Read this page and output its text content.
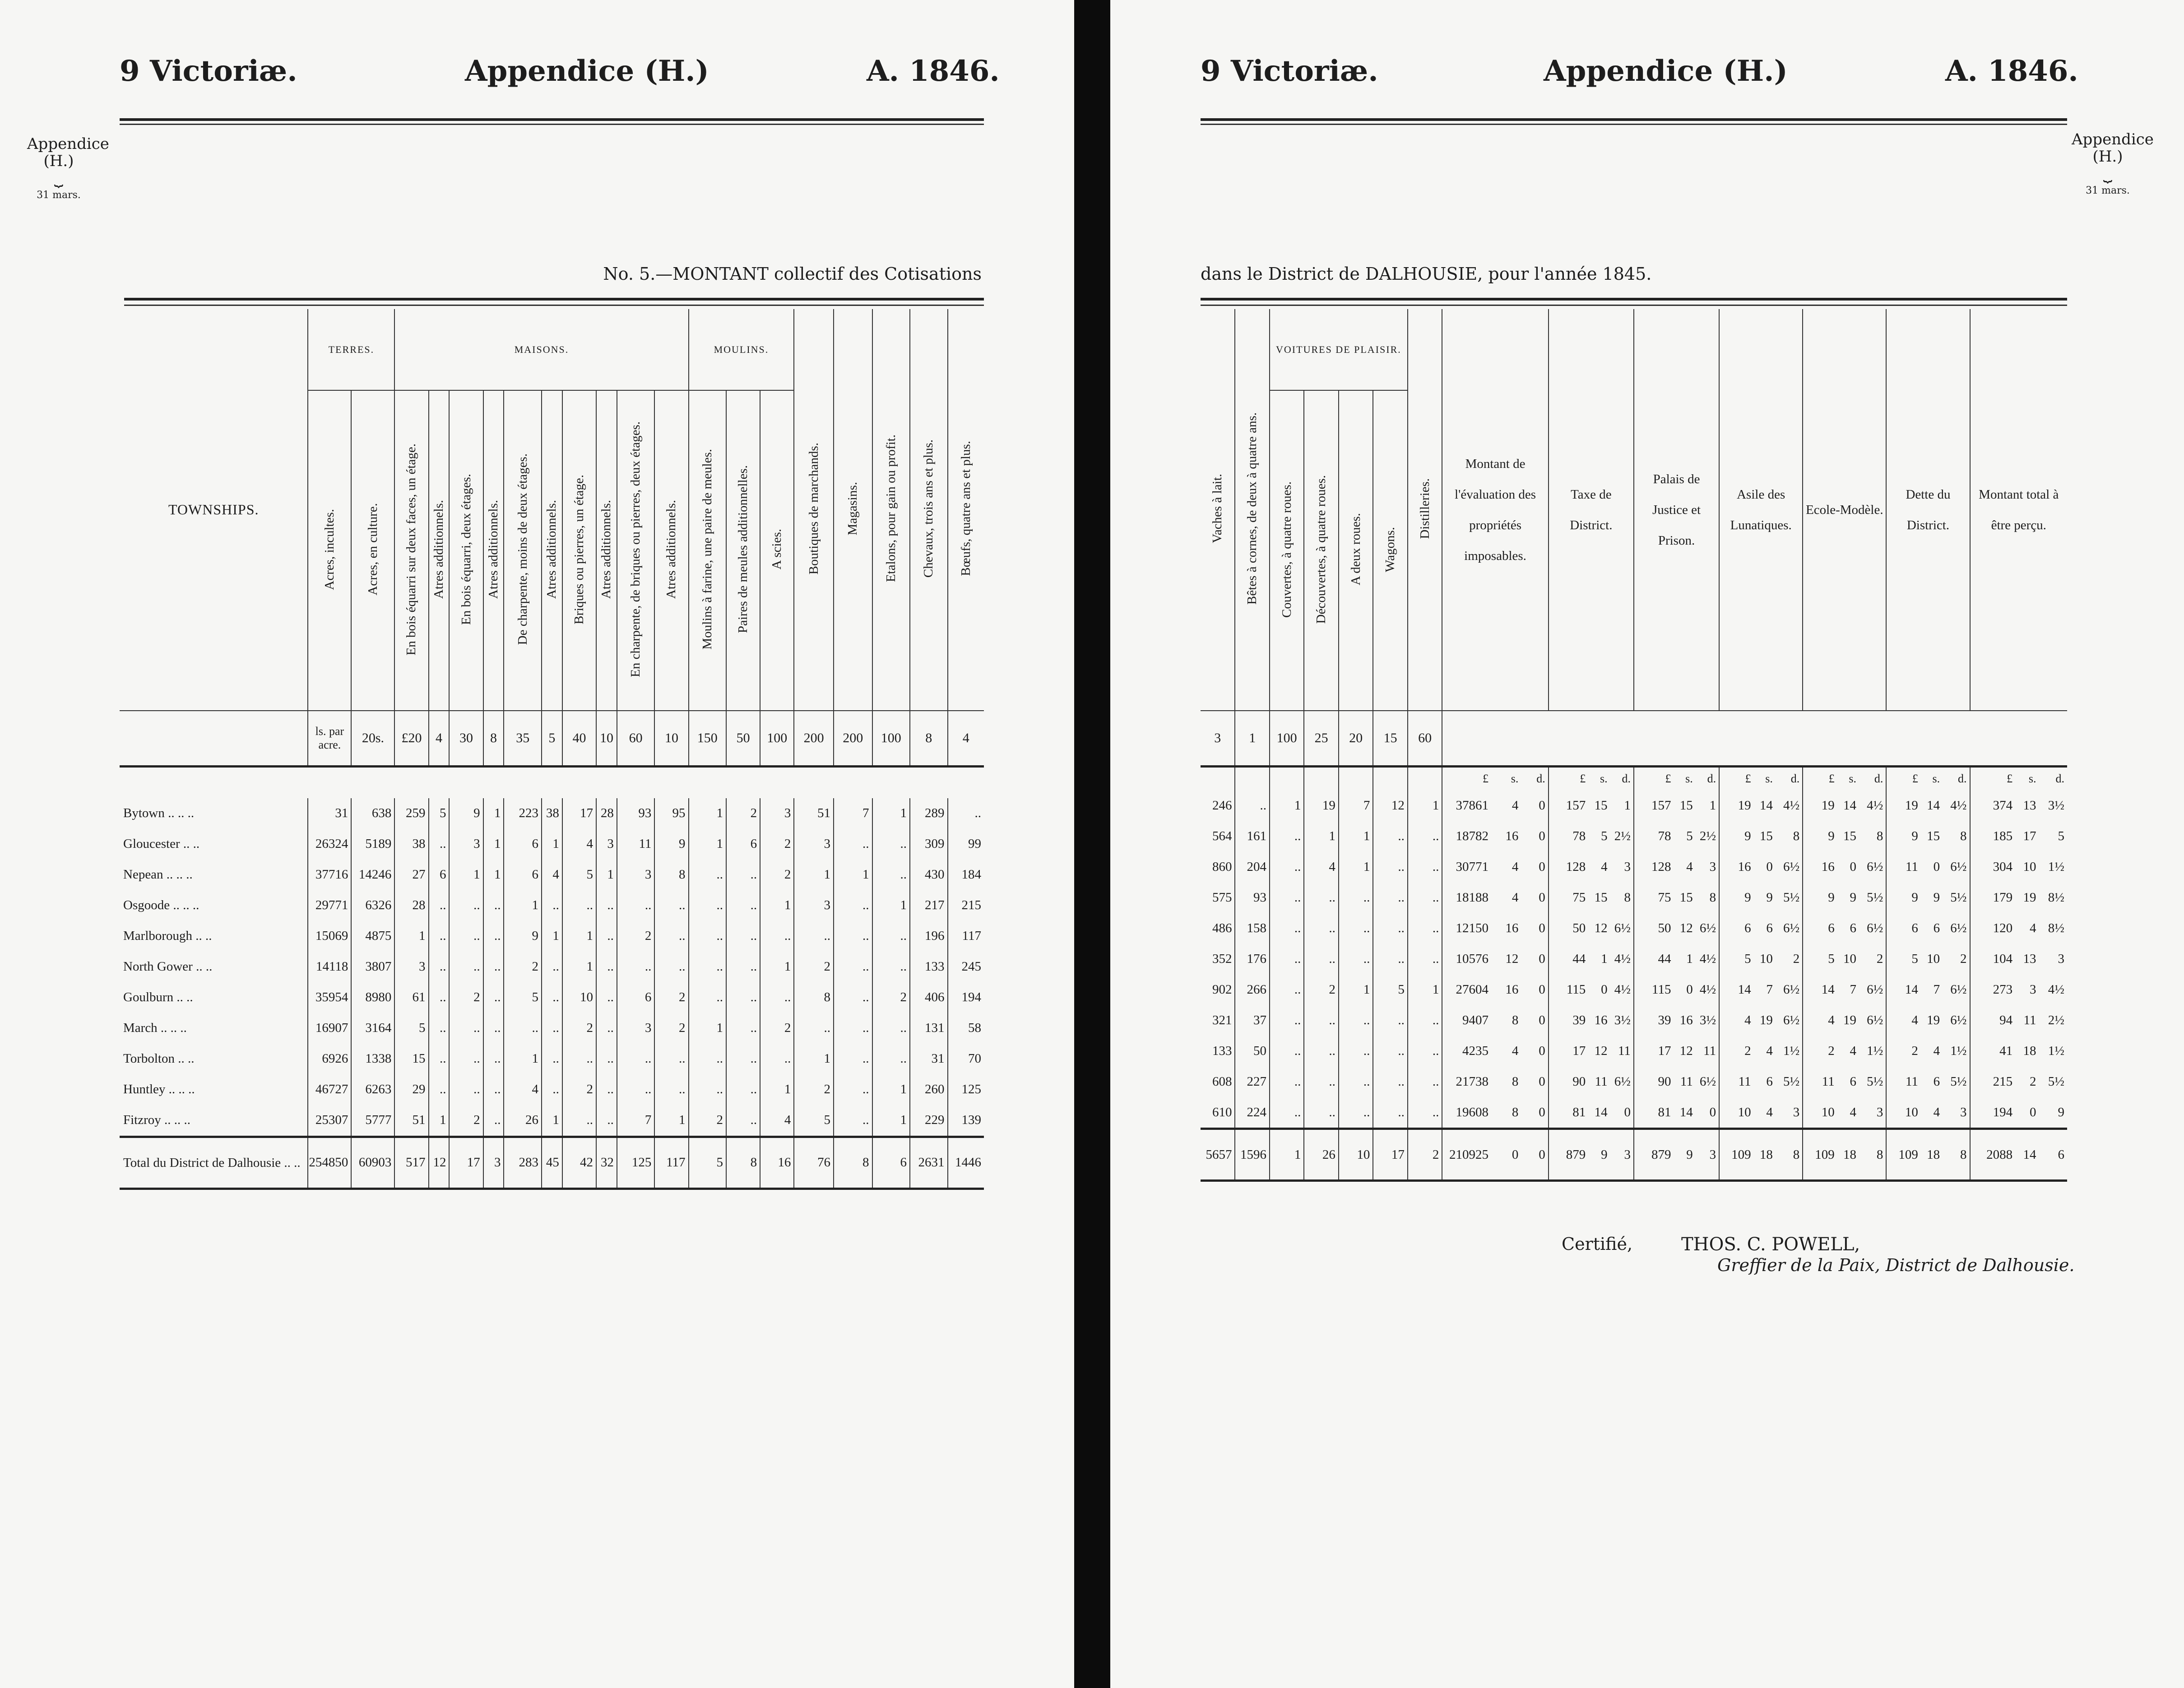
9 Victoriæ.	Appendice (H.)	A. 1846.
Appendice
(H.)
⏟
31 mars.
No. 5.—MONTANT collectif des Cotisations
TOWNSHIPS.	TERRES.		MAISONS.										MOULINS.			Boutiques de marchands.	Magasins.	Etalons, pour gain ou profit.	Chevaux, trois ans et plus.	Bœufs, quatre ans et plus.
	Acres, incultes.	Acres, en culture.	En bois équarri sur deux faces, un étage.	Atres additionnels.	En bois équarri, deux étages.	Atres additionnels.	De charpente, moins de deux étages.	Atres additionnels.	Briques ou pierres, un étage.	Atres additionnels.	En charpente, de briques ou pierres, deux étages.	Atres additionnels.	Moulins à farine, une paire de meules.	Paires de meules additionnelles.	A scies.					
	ls. par acre.	20s.	£20	4	30	8	35	5	40	10	60	10	150	50	100	200	200	100	8	4

Bytown .. .. ..	31	638	259	5	9	1	223	38	17	28	93	95	1	2	3	51	7	1	289	..
Gloucester .. ..	26324	5189	38	..	3	1	6	1	4	3	11	9	1	6	2	3	..	..	309	99
Nepean .. .. ..	37716	14246	27	6	1	1	6	4	5	1	3	8	..	..	2	1	1	..	430	184
Osgoode .. .. ..	29771	6326	28	..	..	..	1	..	..	..	..	..	..	..	1	3	..	1	217	215
Marlborough .. ..	15069	4875	1	..	..	..	9	1	1	..	2	..	..	..	..	..	..	..	196	117
North Gower .. ..	14118	3807	3	..	..	..	2	..	1	..	..	..	..	..	1	2	..	..	133	245
Goulburn .. ..	35954	8980	61	..	2	..	5	..	10	..	6	2	..	..	..	8	..	2	406	194
March .. .. ..	16907	3164	5	..	..	..	..	..	2	..	3	2	1	..	2	..	..	..	131	58
Torbolton .. ..	6926	1338	15	..	..	..	1	..	..	..	..	..	..	..	..	1	..	..	31	70
Huntley .. .. ..	46727	6263	29	..	..	..	4	..	2	..	..	..	..	..	1	2	..	1	260	125
Fitzroy .. .. ..	25307	5777	51	1	2	..	26	1	..	..	7	1	2	..	4	5	..	1	229	139
Total du District de Dalhousie .. ..	254850	60903	517	12	17	3	283	45	42	32	125	117	5	8	16	76	8	6	2631	1446
9 Victoriæ.	Appendice (H.)	A. 1846.
Appendice
(H.)
⏟
31 mars.
dans le District de DALHOUSIE, pour l'année 1845.
Vaches à lait.	Bêtes à cornes, de deux à quatre ans.	VOITURES DE PLAISIR.				Distilleries.	Montant de l'évaluation des propriétés imposables.			Taxe de District.			Palais de Justice et Prison.			Asile des Lunatiques.			Ecole-Modèle.			Dette du District.			Montant total à être perçu.		

		Couvertes, à quatre roues.	Découvertes, à quatre roues.	A deux roues.	Wagons.																						
3	1	100	25	20	15	60																					
							£	s.	d.	£	s.	d.	£	s.	d.	£	s.	d.	£	s.	d.	£	s.	d.	£	s.	d.
246	..	1	19	7	12	1	37861	4	0	157	15	1	157	15	1	19	14	4½	19	14	4½	19	14	4½	374	13	3½
564	161	..	1	1	..	..	18782	16	0	78	5	2½	78	5	2½	9	15	8	9	15	8	9	15	8	185	17	5
860	204	..	4	1	..	..	30771	4	0	128	4	3	128	4	3	16	0	6½	16	0	6½	11	0	6½	304	10	1½
575	93	..	..	..	..	..	18188	4	0	75	15	8	75	15	8	9	9	5½	9	9	5½	9	9	5½	179	19	8½
486	158	..	..	..	..	..	12150	16	0	50	12	6½	50	12	6½	6	6	6½	6	6	6½	6	6	6½	120	4	8½
352	176	..	..	..	..	..	10576	12	0	44	1	4½	44	1	4½	5	10	2	5	10	2	5	10	2	104	13	3
902	266	..	2	1	5	1	27604	16	0	115	0	4½	115	0	4½	14	7	6½	14	7	6½	14	7	6½	273	3	4½
321	37	..	..	..	..	..	9407	8	0	39	16	3½	39	16	3½	4	19	6½	4	19	6½	4	19	6½	94	11	2½
133	50	..	..	..	..	..	4235	4	0	17	12	11	17	12	11	2	4	1½	2	4	1½	2	4	1½	41	18	1½
608	227	..	..	..	..	..	21738	8	0	90	11	6½	90	11	6½	11	6	5½	11	6	5½	11	6	5½	215	2	5½
610	224	..	..	..	..	..	19608	8	0	81	14	0	81	14	0	10	4	3	10	4	3	10	4	3	194	0	9
5657	1596	1	26	10	17	2	210925	0	0	879	9	3	879	9	3	109	18	8	109	18	8	109	18	8	2088	14	6
Certifié,	THOS. C. POWELL,
Greffier de la Paix, District de Dalhousie.
